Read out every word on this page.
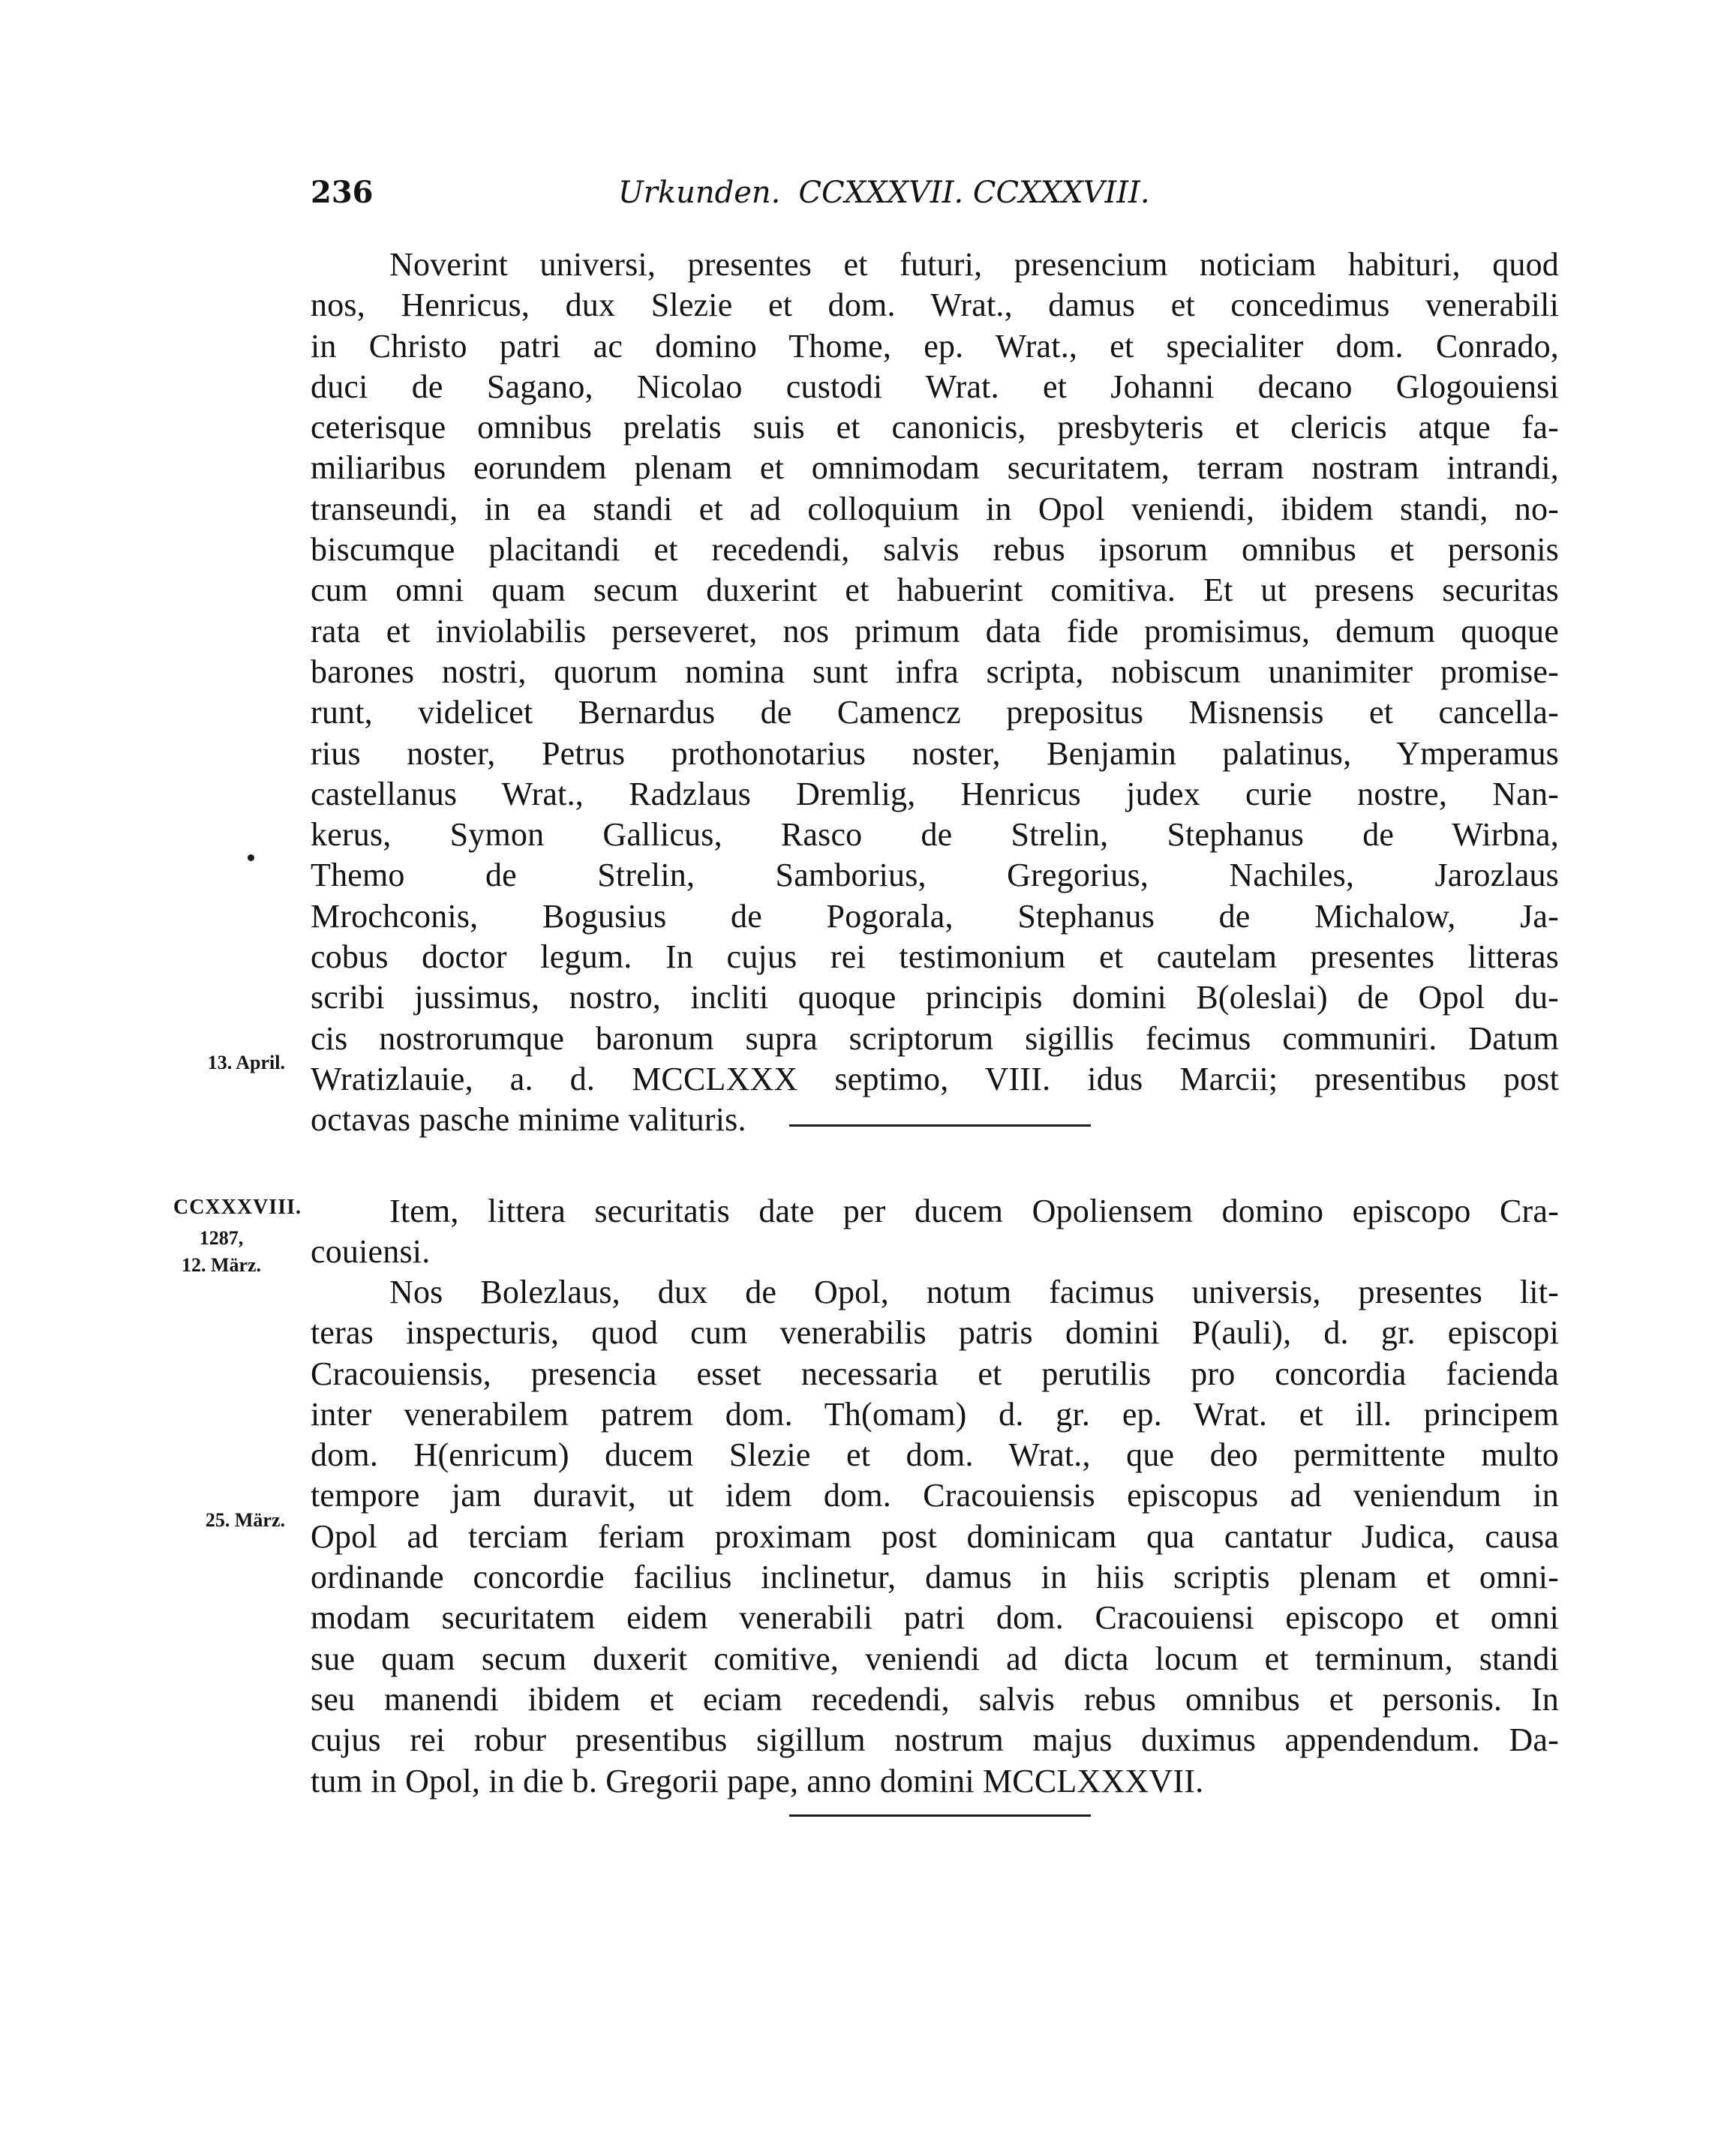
236	Urkunden. CCXXXVII. CCXXXVIII.
Noverint universi, presentes et futuri, presencium noticiam habituri, quod
nos, Henricus, dux Slezie et dom. Wrat., damus et concedimus venerabili
in Christo patri ac domino Thome, ep. Wrat., et specialiter dom. Conrado,
duci de Sagano, Nicolao custodi Wrat. et Johanni decano Glogouiensi
ceterisque omnibus prelatis suis et canonicis, presbyteris et clericis atque fa-
miliaribus eorundem plenam et omnimodam securitatem, terram nostram intrandi,
transeundi, in ea standi et ad colloquium in Opol veniendi, ibidem standi, no-
biscumque placitandi et recedendi, salvis rebus ipsorum omnibus et personis
cum omni quam secum duxerint et habuerint comitiva. Et ut presens securitas
rata et inviolabilis perseveret, nos primum data fide promisimus, demum quoque
barones nostri, quorum nomina sunt infra scripta, nobiscum unanimiter promise-
runt, videlicet Bernardus de Camencz prepositus Misnensis et cancella-
rius noster, Petrus prothonotarius noster, Benjamin palatinus, Ymperamus
castellanus Wrat., Radzlaus Dremlig, Henricus judex curie nostre, Nan-
kerus, Symon Gallicus, Rasco de Strelin, Stephanus de Wirbna,
Themo de Strelin, Samborius, Gregorius, Nachiles, Jarozlaus
Mrochconis, Bogusius de Pogorala, Stephanus de Michalow, Ja-
cobus doctor legum. In cujus rei testimonium et cautelam presentes litteras
scribi jussimus, nostro, incliti quoque principis domini B(oleslai) de Opol du-
cis nostrorumque baronum supra scriptorum sigillis fecimus communiri. Datum
Wratizlauie, a. d. MCCLXXX septimo, VIII. idus Marcii; presentibus post
octavas pasche minime valituris.
13. April.
CCXXXVIII.
1287,
12. März.
Item, littera securitatis date per ducem Opoliensem domino episcopo Cra-
couiensi.
Nos Bolezlaus, dux de Opol, notum facimus universis, presentes lit-
teras inspecturis, quod cum venerabilis patris domini P(auli), d. gr. episcopi
Cracouiensis, presencia esset necessaria et perutilis pro concordia facienda
inter venerabilem patrem dom. Th(omam) d. gr. ep. Wrat. et ill. principem
dom. H(enricum) ducem Slezie et dom. Wrat., que deo permittente multo
tempore jam duravit, ut idem dom. Cracouiensis episcopus ad veniendum in
Opol ad terciam feriam proximam post dominicam qua cantatur Judica, causa
ordinande concordie facilius inclinetur, damus in hiis scriptis plenam et omni-
modam securitatem eidem venerabili patri dom. Cracouiensi episcopo et omni
sue quam secum duxerit comitive, veniendi ad dicta locum et terminum, standi
seu manendi ibidem et eciam recedendi, salvis rebus omnibus et personis. In
cujus rei robur presentibus sigillum nostrum majus duximus appendendum. Da-
tum in Opol, in die b. Gregorii pape, anno domini MCCLXXXVII.
25. März.
